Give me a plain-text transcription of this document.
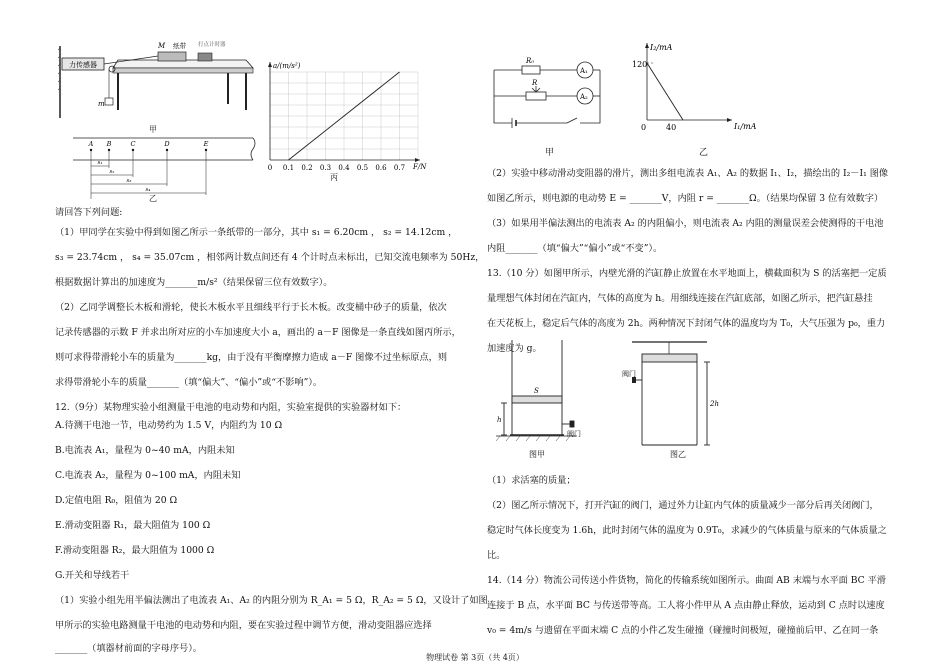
力传感器
M 纸带 打点计时器
m
甲
A B	C	D	E
s₁
s₂
s₃
s₄
乙
a/(m/s²)
F/N
0 0.1 0.2 0.3 0.4 0.5 0.6 0.7
丙
请回答下列问题:
（1）甲同学在实验中得到如图乙所示一条纸带的一部分，其中 s₁ = 6.20cm ， s₂ = 14.12cm ，
s₃ = 23.74cm ， s₄ = 35.07cm ，相邻两计数点间还有 4 个计时点未标出，已知交流电频率为 50Hz，
根据数据计算出的加速度为_______m/s²（结果保留三位有效数字）。
（2）乙同学调整长木板和滑轮，使长木板水平且细线平行于长木板。改变桶中砂子的质量，依次
记录传感器的示数 F 并求出所对应的小车加速度大小 a，画出的 a－F 图像是一条直线如图丙所示，
则可求得带滑轮小车的质量为_______kg，由于没有平衡摩擦力造成 a－F 图像不过坐标原点，则
求得带滑轮小车的质量_______（填“偏大”、“偏小”或“不影响”）。
12.（9分）某物理实验小组测量干电池的电动势和内阻，实验室提供的实验器材如下：
A.待测干电池一节，电动势约为 1.5 V，内阻约为 10 Ω
B.电流表 A₁，量程为 0~40 mA，内阻未知
C.电流表 A₂，量程为 0~100 mA，内阻未知
D.定值电阻 R₀，阻值为 20 Ω
E.滑动变阻器 R₁，最大阻值为 100 Ω
F.滑动变阻器 R₂，最大阻值为 1000 Ω
G.开关和导线若干
（1）实验小组先用半偏法测出了电流表 A₁、A₂ 的内阻分别为 R_A₁ = 5 Ω，R_A₂ = 5 Ω，又设计了如图
甲所示的实验电路测量干电池的电动势和内阻，要在实验过程中调节方便，滑动变阻器应选择
_______（填器材前面的字母序号）。
R₀
A₁
R
A₂
甲
I₂/mA
I₁/mA
120
40
0
乙
S
h
阀门
图甲
阀门
2h
图乙
（2）实验中移动滑动变阻器的滑片，测出多组电流表 A₁、A₂ 的数据 I₁、I₂，描绘出的 I₂－I₁ 图像
如图乙所示，则电源的电动势 E = _______V，内阻 r = _______Ω。（结果均保留 3 位有效数字）
（3）如果用半偏法测出的电流表 A₂ 的内阻偏小，则电流表 A₂ 内阻的测量误差会使测得的干电池
内阻_______（填“偏大”“偏小”或“不变”）。
13.（10 分）如图甲所示，内壁光滑的汽缸静止放置在水平地面上，横截面积为 S 的活塞把一定质
量理想气体封闭在汽缸内，气体的高度为 h。用细线连接在汽缸底部，如图乙所示，把汽缸悬挂
在天花板上，稳定后气体的高度为 2h。两种情况下封闭气体的温度均为 T₀，大气压强为 p₀，重力
加速度为 g。
（1）求活塞的质量；
（2）图乙所示情况下，打开汽缸的阀门，通过外力让缸内气体的质量减少一部分后再关闭阀门，
稳定时气体长度变为 1.6h，此时封闭气体的温度为 0.9T₀，求减少的气体质量与原来的气体质量之
比。
14.（14 分）物流公司传送小件货物，简化的传输系统如图所示。曲面 AB 末端与水平面 BC 平滑
连接于 B 点，水平面 BC 与传送带等高。工人将小件甲从 A 点由静止释放，运动到 C 点时以速度
v₀ = 4m/s 与遗留在平面末端 C 点的小件乙发生碰撞（碰撞时间极短，碰撞前后甲、乙在同一条
物理试卷 第 3页（共 4页）
